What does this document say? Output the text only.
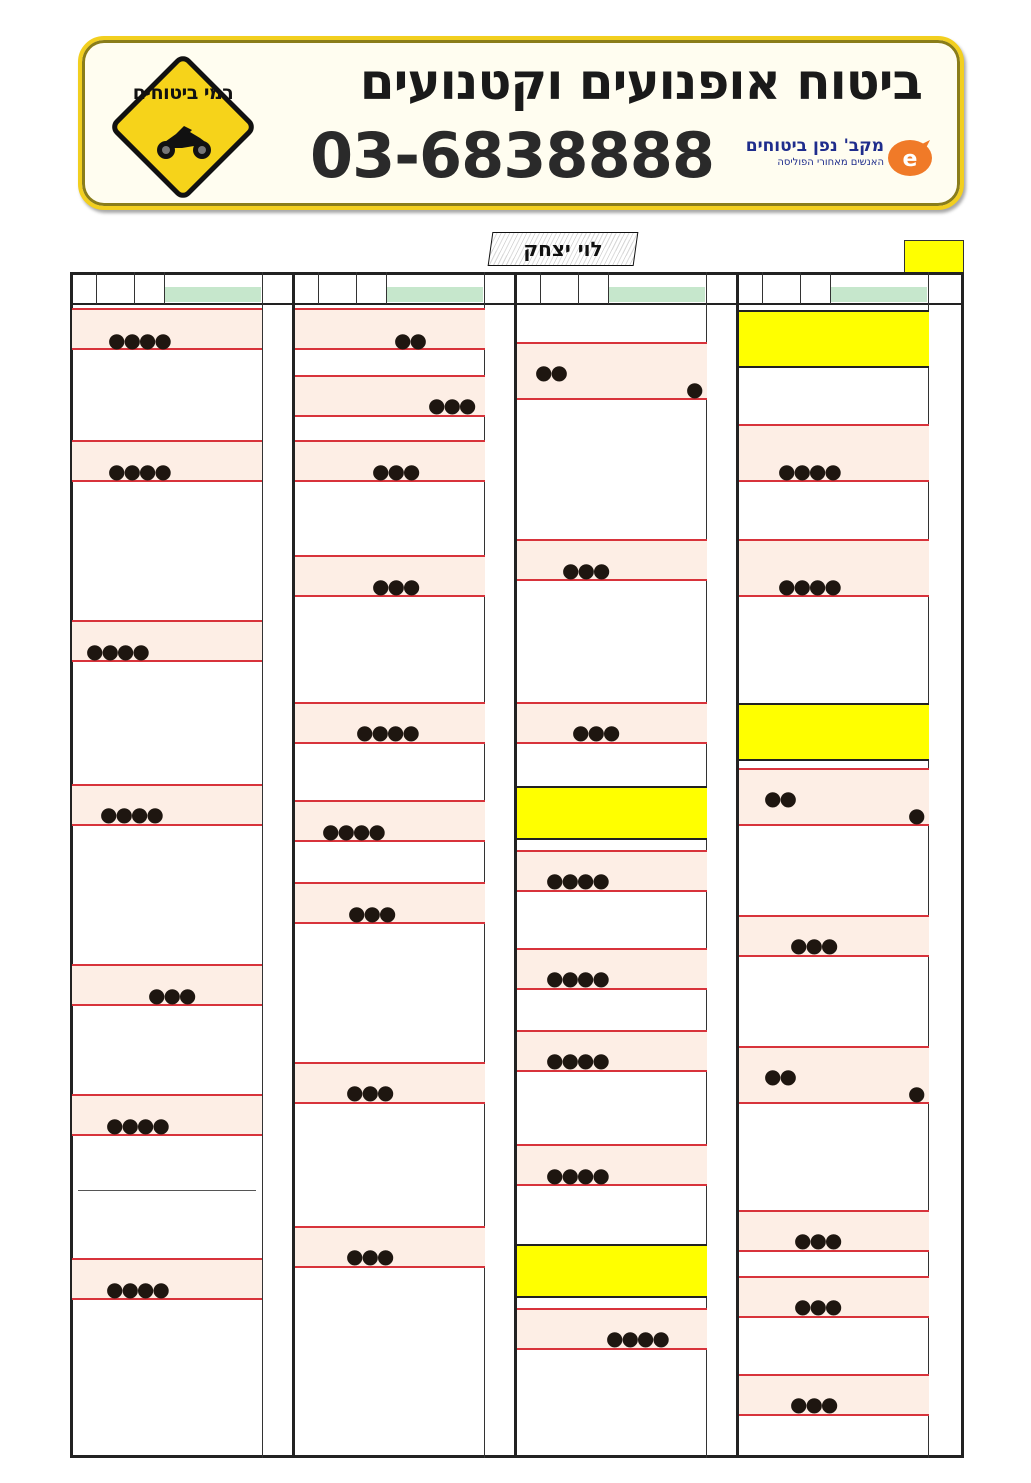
ביטוח אופנועים וקטנועים
03-6838888	מקב' נפן ביטוחים
האנשים מאחורי הפוליסה e
רמי ביטוחים
לוי יצחק
●●●●
●●●●
●●●●
●●●●
●●●
●●●●
●●●●
●●
●●●
●●●
●●●
●●●●
●●●●
●●●
●●●
●●●
●●
●
●●●
●●●
●●●●
●●●●
●●●●
●●●●
●●●●
●●●●
●●●●
●●
●
●●●
●●
●
●●●
●●●
●●●
